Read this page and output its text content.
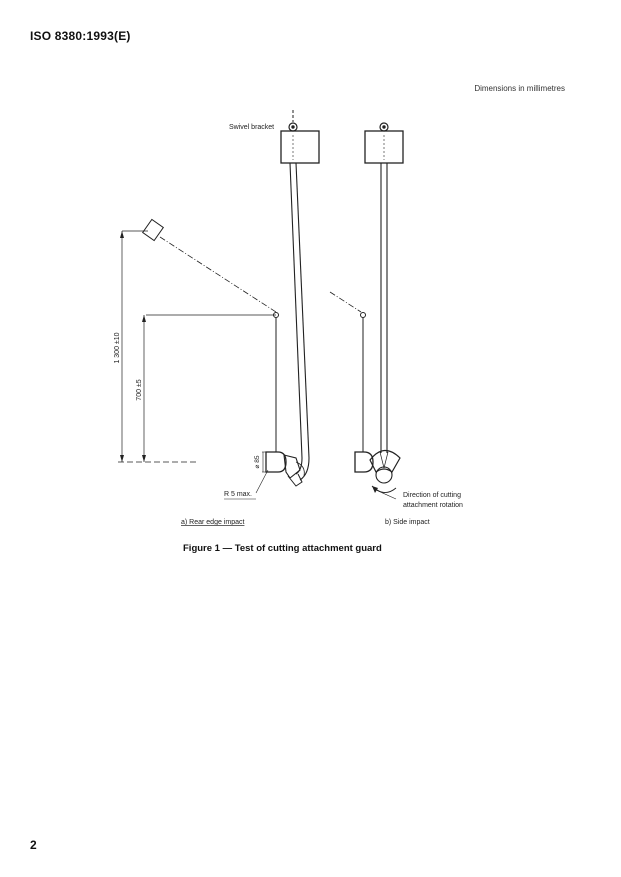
ISO 8380:1993(E)
Dimensions in millimetres
Swivel bracket
1 300 ±10
700 ±5
⌀ 85
R 5 max.
a) Rear edge impact
Direction of cutting
attachment rotation
b) Side impact
Figure 1 — Test of cutting attachment guard
2
